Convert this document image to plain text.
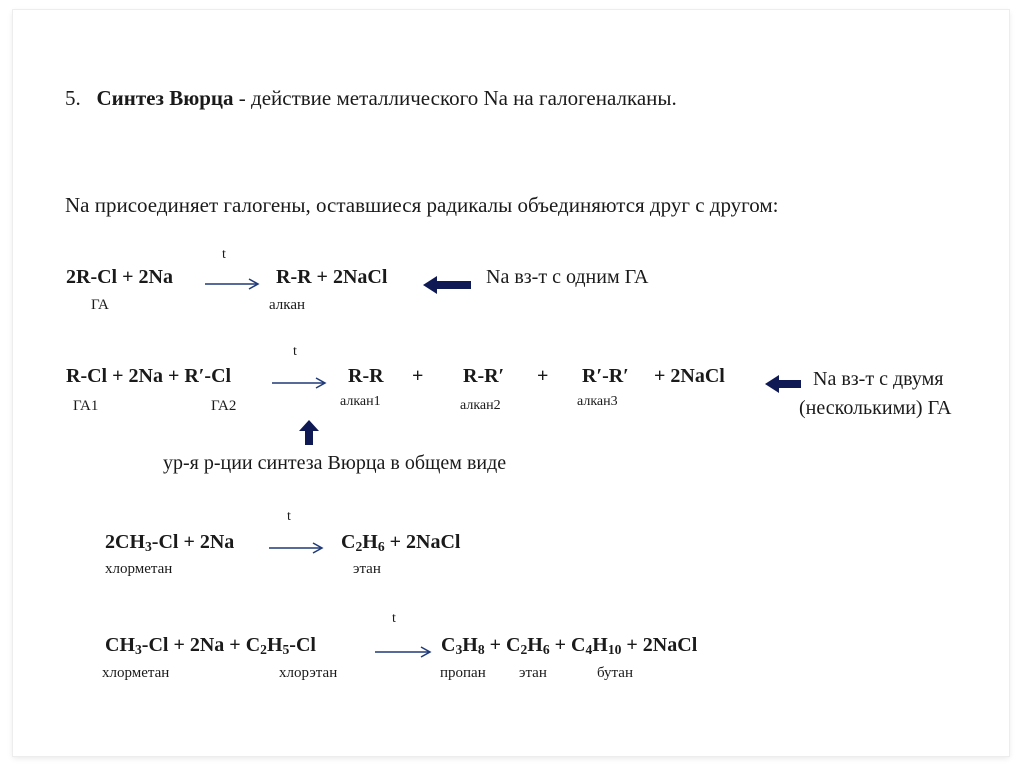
5. Синтез Вюрца - действие металлического Na на галогеналканы.
Na присоединяет галогены, оставшиеся радикалы объединяются друг с другом:
t
2R-Cl + 2Na	R-R + 2NaCl	Na вз-т с одним ГА
ГА	алкан
t
R-Cl + 2Na + R′-Cl	R-R + R-R′ + R′-R′ + 2NaCl	Na вз-т с двумя
(несколькими) ГА
ГА1	ГА2	алкан1	алкан2	алкан3
ур-я р-ции синтеза Вюрца в общем виде
t
2CH3-Cl + 2Na	C2H6 + 2NaCl
хлорметан	этан
t
CH3-Cl + 2Na + C2H5-Cl	C3H8 + C2H6 + C4H10 + 2NaCl
хлорметан	хлорэтан	пропан этан	бутан
